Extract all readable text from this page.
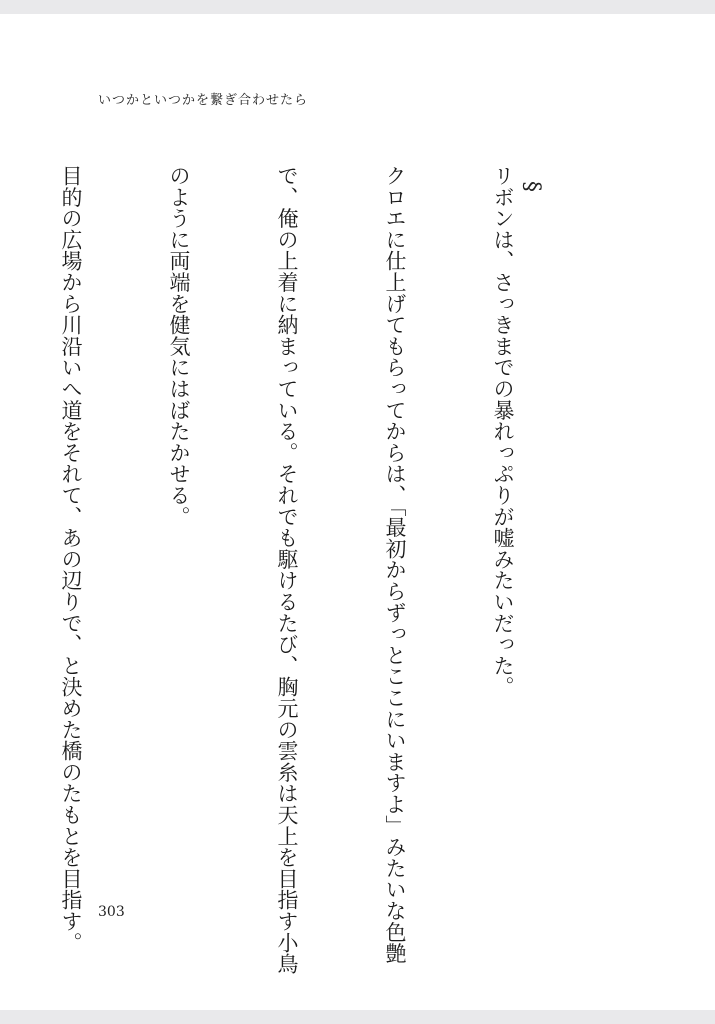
いつかといつかを繋ぎ合わせたら
§

リボンは、さっきまでの暴れっぷりが嘘みたいだった。

クロエに仕上げてもらってからは、「最初からずっとここにいますよ」みたいな色艶

で、俺の上着に納まっている。それでも駆けるたび、胸元の雲糸は天上を目指す小鳥

のように両端を健気にはばたかせる。

目的の広場から川沿いへ道をそれて、あの辺りで、と決めた橋のたもとを目指す。

	303
